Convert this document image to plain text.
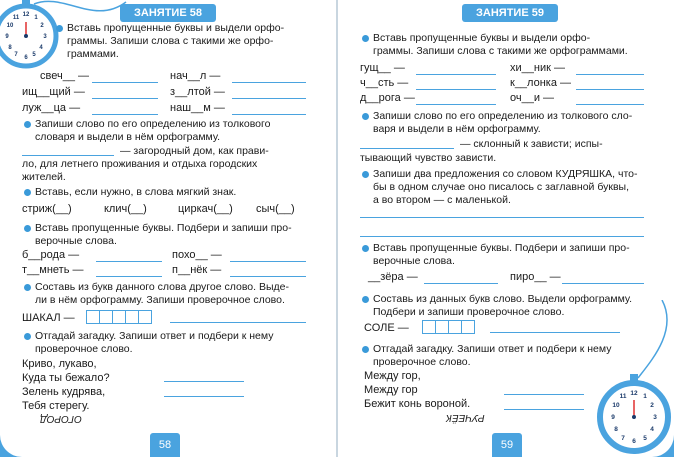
ЗАНЯТИЕ 58
12 1
2
3
4
5
6
7
8
9
10
11
Вставь пропущенные буквы и выдели орфо-
граммы. Запиши слова с такими же орфо-
граммами.
свеч__ —	нач__л —
ищ__щий —	з__лтой —
луж__ца —	наш__м —
Запиши слово по его определению из толкового
словаря и выдели в нём орфограмму.
— загородный дом, как прави-
ло, для летнего проживания и отдыха городских
жителей.
Вставь, если нужно, в слова мягкий знак.
стриж(__)	клич(__)	циркач(__) сыч(__)
Вставь пропущенные буквы. Подбери и запиши про-
верочные слова.
б__рода —	похо__ —
т__мнеть —	п__нёк —
Составь из букв данного слова другое слово. Выде-
ли в нём орфограмму. Запиши проверочное слово.
ШАКАЛ —
Отгадай загадку. Запиши ответ и подбери к нему
проверочное слово.
Криво, лукаво,
Куда ты бежало?
Зелень кудрява,
Тебя стерегу.
ОГОРОД
58
ЗАНЯТИЕ 59
Вставь пропущенные буквы и выдели орфо-
граммы. Запиши слова с такими же орфограммами.
гущ__ —	хи__ник —
ч__сть —	к__лонка —
д__рога —	оч__и —
Запиши слово по его определению из толкового сло-
варя и выдели в нём орфограмму.
— склонный к зависти; испы-
тывающий чувство зависти.
Запиши два предложения со словом КУДРЯШКА, что-
бы в одном случае оно писалось с заглавной буквы,
а во втором — с маленькой.
Вставь пропущенные буквы. Подбери и запиши про-
верочные слова.
__зёра —	пиро__ —
Составь из данных букв слово. Выдели орфограмму.
Подбери и запиши проверочное слово.
СОЛЕ —
Отгадай загадку. Запиши ответ и подбери к нему
проверочное слово.
Между гор,
Между гор
Бежит конь вороной.
РУЧЕЁК
59
12 1
2
3
4
5
6
7
8
9
10
11
